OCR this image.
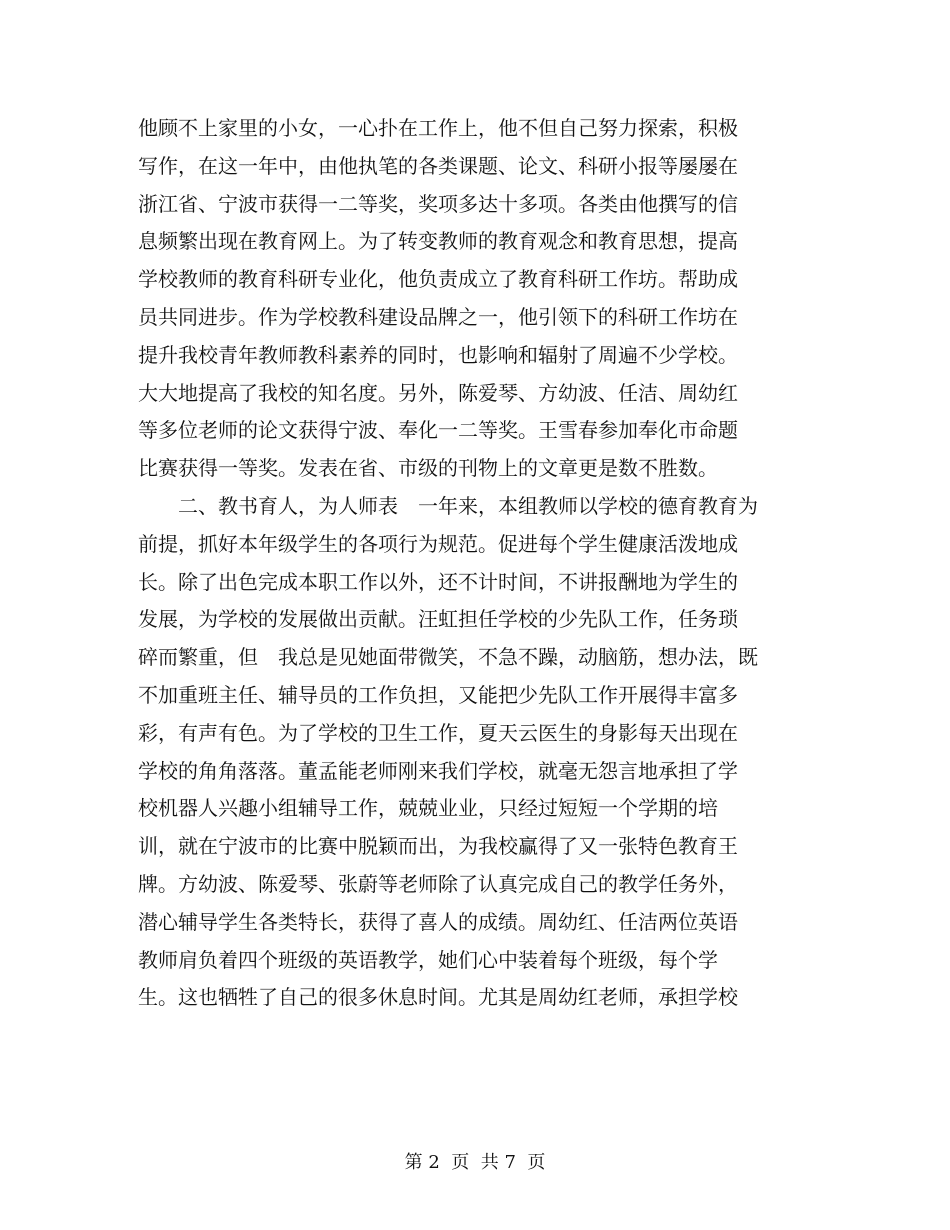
他顾不上家里的小女，一心扑在工作上，他不但自己努力探索，积极
写作，在这一年中，由他执笔的各类课题、论文、科研小报等屡屡在
浙江省、宁波市获得一二等奖，奖项多达十多项。各类由他撰写的信
息频繁出现在教育网上。为了转变教师的教育观念和教育思想，提高
学校教师的教育科研专业化，他负责成立了教育科研工作坊。帮助成
员共同进步。作为学校教科建设品牌之一，他引领下的科研工作坊在
提升我校青年教师教科素养的同时，也影响和辐射了周遍不少学校。
大大地提高了我校的知名度。另外，陈爱琴、方幼波、任洁、周幼红
等多位老师的论文获得宁波、奉化一二等奖。王雪春参加奉化市命题
比赛获得一等奖。发表在省、市级的刊物上的文章更是数不胜数。
　　二、教书育人，为人师表　一年来，本组教师以学校的德育教育为
前提，抓好本年级学生的各项行为规范。促进每个学生健康活泼地成
长。除了出色完成本职工作以外，还不计时间，不讲报酬地为学生的
发展，为学校的发展做出贡献。汪虹担任学校的少先队工作，任务琐
碎而繁重，但　我总是见她面带微笑，不急不躁，动脑筋，想办法，既
不加重班主任、辅导员的工作负担，又能把少先队工作开展得丰富多
彩，有声有色。为了学校的卫生工作，夏天云医生的身影每天出现在
学校的角角落落。董孟能老师刚来我们学校，就毫无怨言地承担了学
校机器人兴趣小组辅导工作，兢兢业业，只经过短短一个学期的培
训，就在宁波市的比赛中脱颖而出，为我校赢得了又一张特色教育王
牌。方幼波、陈爱琴、张蔚等老师除了认真完成自己的教学任务外，
潜心辅导学生各类特长，获得了喜人的成绩。周幼红、任洁两位英语
教师肩负着四个班级的英语教学，她们心中装着每个班级，每个学
生。这也牺牲了自己的很多休息时间。尤其是周幼红老师，承担学校
第 2  页  共 7  页
